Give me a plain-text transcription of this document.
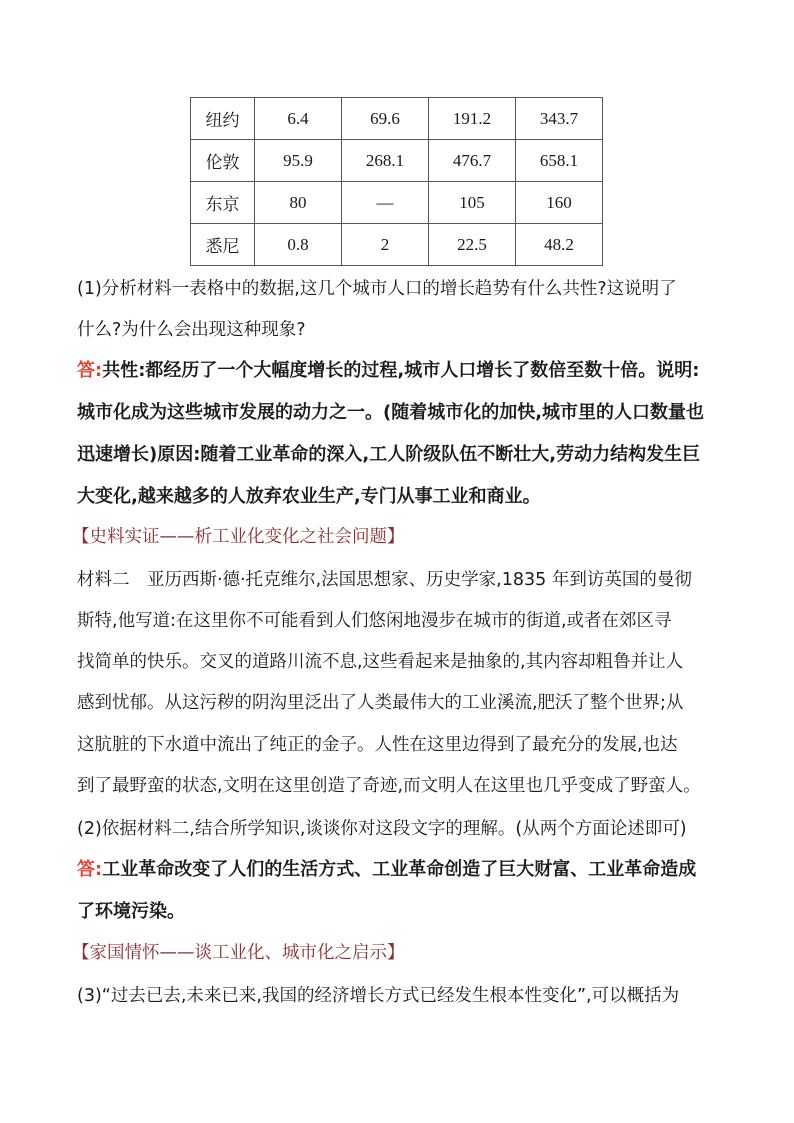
纽约	6.4	69.6	191.2	343.7
伦敦	95.9	268.1	476.7	658.1
东京	80	—	105	160
悉尼	0.8	2	22.5	48.2
(1)分析材料一表格中的数据,这几个城市人口的增长趋势有什么共性?这说明了
什么?为什么会出现这种现象?
答:共性:都经历了一个大幅度增长的过程,城市人口增长了数倍至数十倍。说明:
城市化成为这些城市发展的动力之一。(随着城市化的加快,城市里的人口数量也
迅速增长)原因:随着工业革命的深入,工人阶级队伍不断壮大,劳动力结构发生巨
大变化,越来越多的人放弃农业生产,专门从事工业和商业。
【史料实证——析工业化变化之社会问题】
材料二　亚历西斯·德·托克维尔,法国思想家、历史学家,1835 年到访英国的曼彻
斯特,他写道:在这里你不可能看到人们悠闲地漫步在城市的街道,或者在郊区寻
找简单的快乐。交叉的道路川流不息,这些看起来是抽象的,其内容却粗鲁并让人
感到忧郁。从这污秽的阴沟里泛出了人类最伟大的工业溪流,肥沃了整个世界;从
这肮脏的下水道中流出了纯正的金子。人性在这里边得到了最充分的发展,也达
到了最野蛮的状态,文明在这里创造了奇迹,而文明人在这里也几乎变成了野蛮人。
(2)依据材料二,结合所学知识,谈谈你对这段文字的理解。(从两个方面论述即可)
答:工业革命改变了人们的生活方式、工业革命创造了巨大财富、工业革命造成
了环境污染。
【家国情怀——谈工业化、城市化之启示】
(3)“过去已去,未来已来,我国的经济增长方式已经发生根本性变化”,可以概括为
